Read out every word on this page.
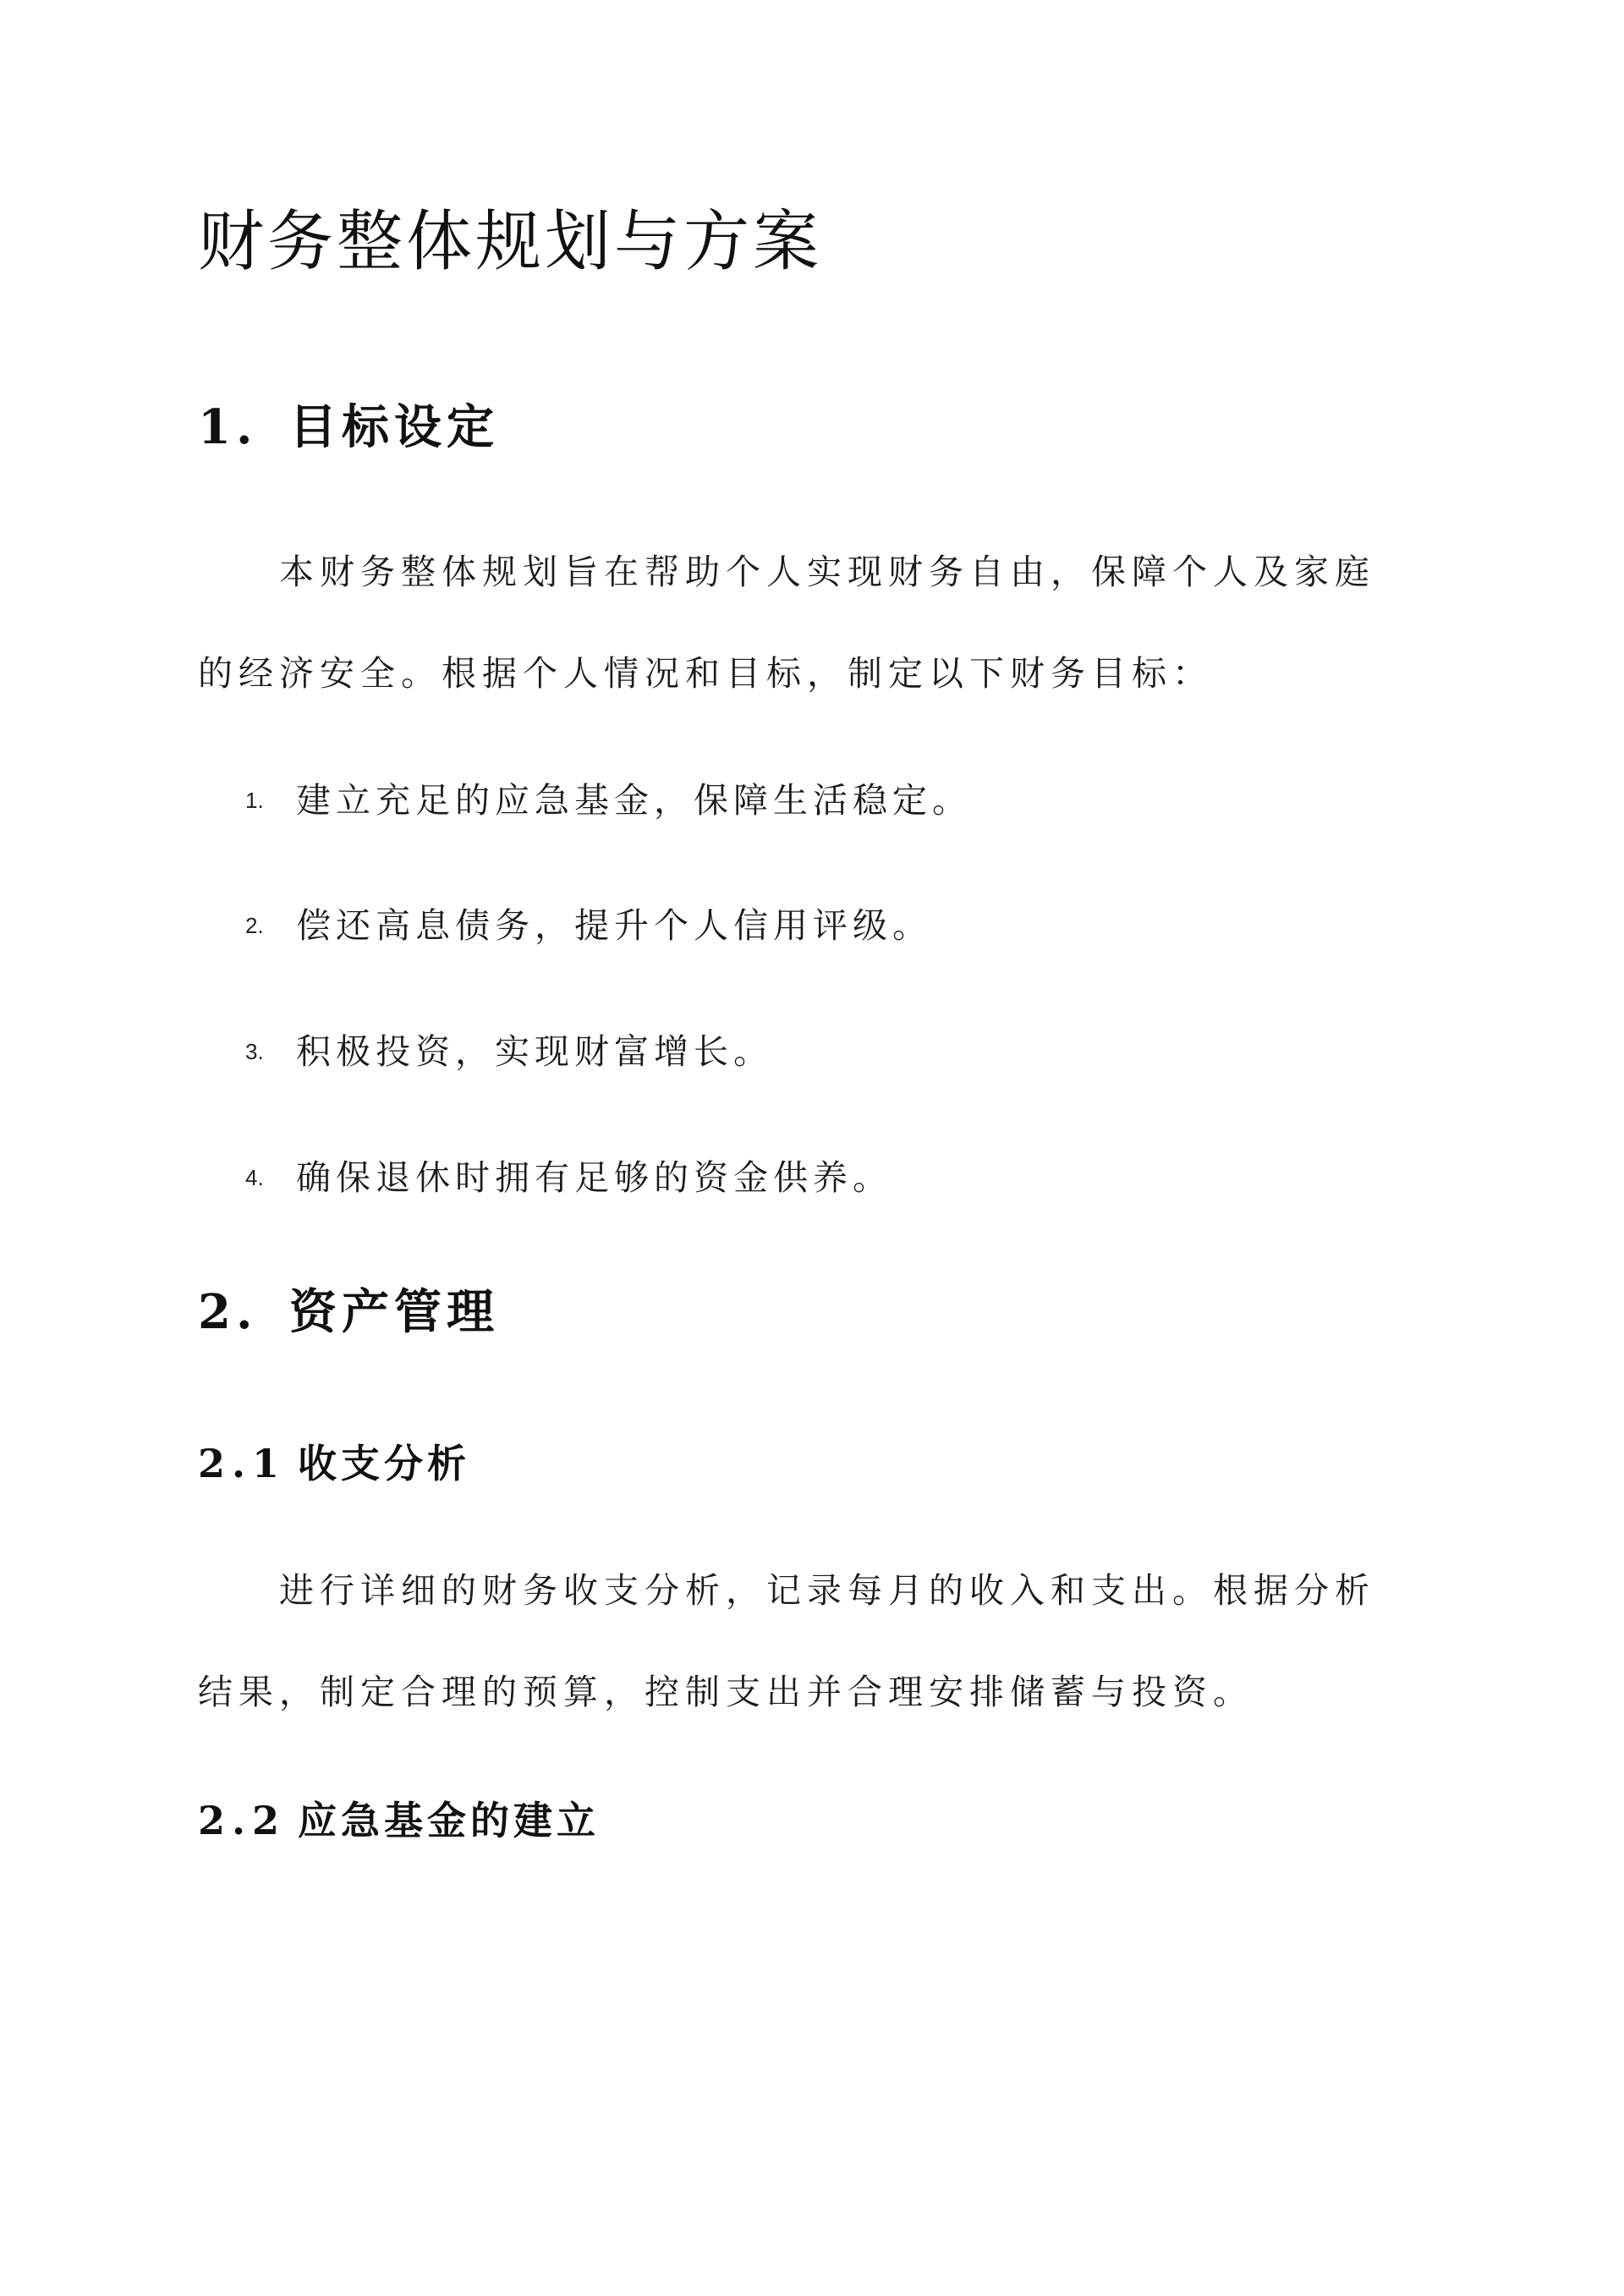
财务整体规划与方案
1. 目标设定

本财务整体规划旨在帮助个人实现财务自由，保障个人及家庭

的经济安全。根据个人情况和目标，制定以下财务目标：

1. 建立充足的应急基金，保障生活稳定。

2. 偿还高息债务，提升个人信用评级。

3. 积极投资，实现财富增长。

4. 确保退休时拥有足够的资金供养。

2. 资产管理
2.1 收支分析

进行详细的财务收支分析，记录每月的收入和支出。根据分析

结果，制定合理的预算，控制支出并合理安排储蓄与投资。

2.2 应急基金的建立
